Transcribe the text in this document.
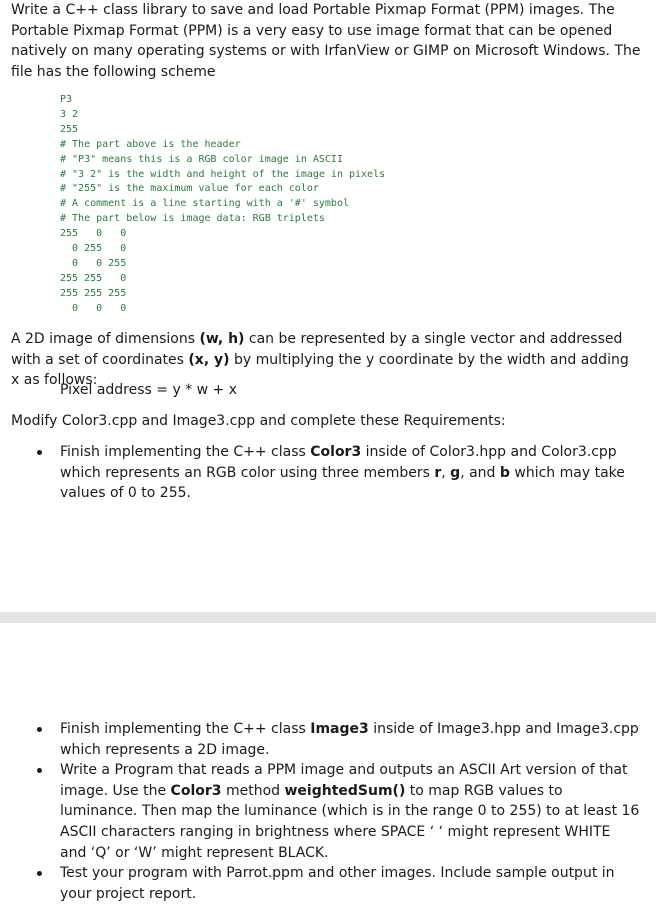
Write a C++ class library to save and load Portable Pixmap Format (PPM) images. The Portable Pixmap Format (PPM) is a very easy to use image format that can be opened natively on many operating systems or with IrfanView or GIMP on Microsoft Windows. The file has the following scheme

P3
3 2
255
# The part above is the header
# "P3" means this is a RGB color image in ASCII
# "3 2" is the width and height of the image in pixels
# "255" is the maximum value for each color
# A comment is a line starting with a '#' symbol
# The part below is image data: RGB triplets
255   0   0
0 255   0
0   0 255
255 255   0
255 255 255
0   0   0

A 2D image of dimensions (w, h) can be represented by a single vector and addressed with a set of coordinates (x, y) by multiplying the y coordinate by the width and adding x as follows:

Pixel address = y * w + x

Modify Color3.cpp and Image3.cpp and complete these Requirements:

Finish implementing the C++ class Color3 inside of Color3.hpp and Color3.cpp which represents an RGB color using three members r, g, and b which may take values of 0 to 255.
Finish implementing the C++ class Image3 inside of Image3.hpp and Image3.cpp which represents a 2D image.
Write a Program that reads a PPM image and outputs an ASCII Art version of that image. Use the Color3 method weightedSum() to map RGB values to luminance. Then map the luminance (which is in the range 0 to 255) to at least 16 ASCII characters ranging in brightness where SPACE ‘ ‘ might represent WHITE and ‘Q’ or ‘W’ might represent BLACK.
Test your program with Parrot.ppm and other images. Include sample output in your project report.
